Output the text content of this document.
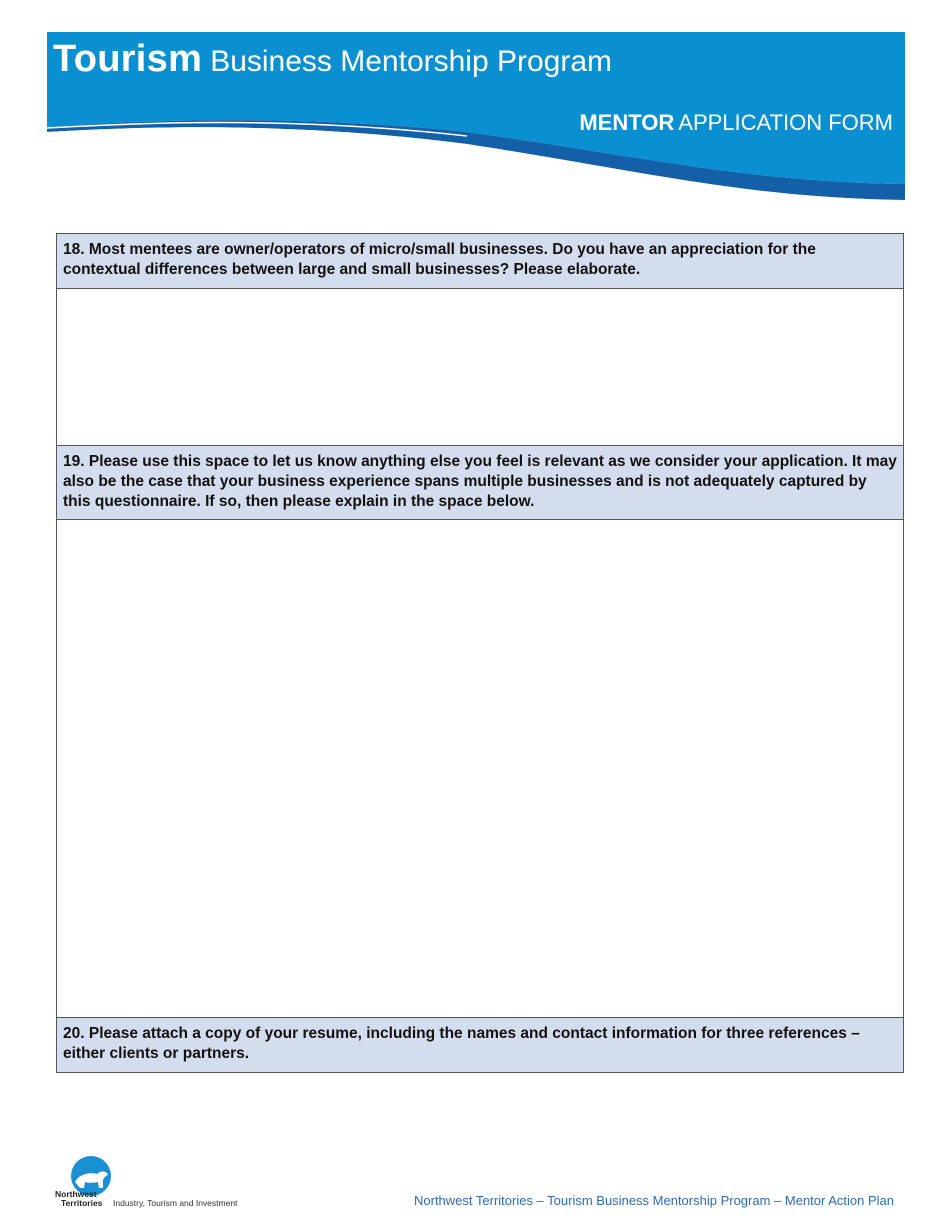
Tourism Business Mentorship Program
MENTOR APPLICATION FORM
18. Most mentees are owner/operators of micro/small businesses. Do you have an appreciation for the contextual differences between large and small businesses? Please elaborate.
19. Please use this space to let us know anything else you feel is relevant as we consider your application. It may also be the case that your business experience spans multiple businesses and is not adequately captured by this questionnaire. If so, then please explain in the space below.
20. Please attach a copy of your resume, including the names and contact information for three references – either clients or partners.
Northwest
Territories Industry, Tourism and Investment	Northwest Territories – Tourism Business Mentorship Program – Mentor Action Plan
